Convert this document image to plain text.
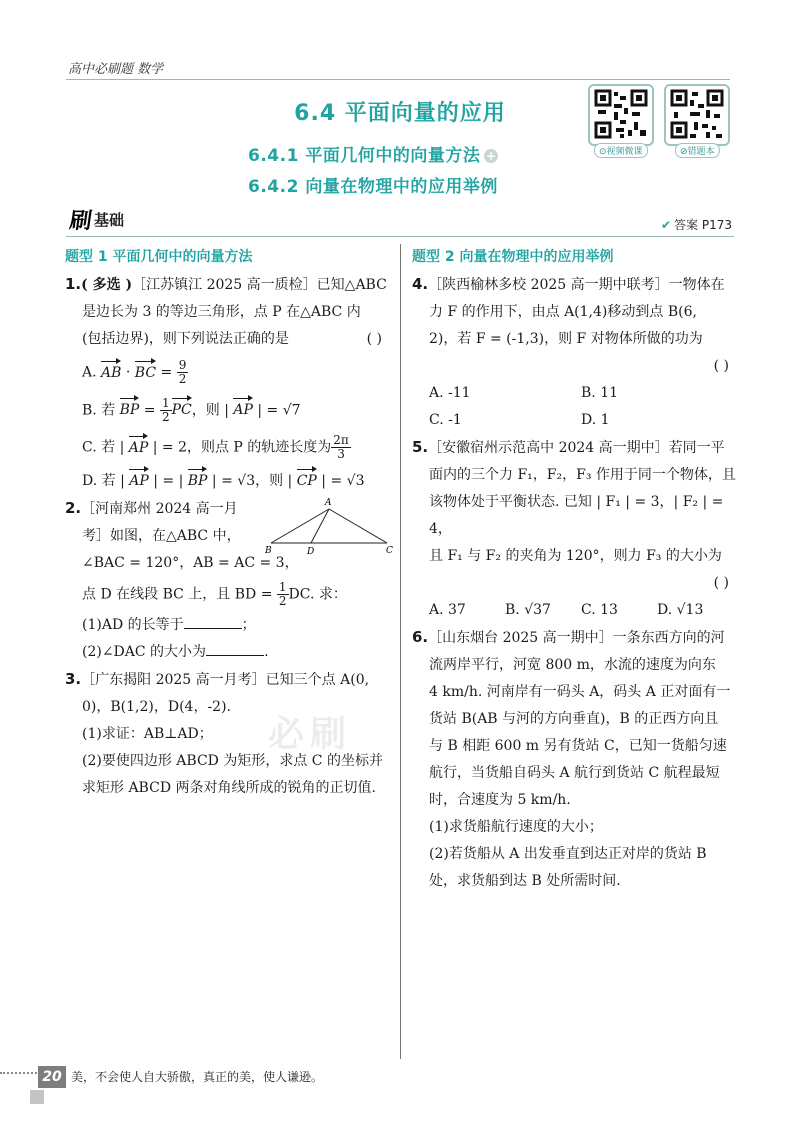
高中必刷题 数学
6.4 平面向量的应用
6.4.1 平面几何中的向量方法 +
6.4.2 向量在物理中的应用举例
⊙视频微课	⊘错题本
刷 基础	✔ 答案 P173
题型 1 平面几何中的向量方法
1.( 多选 )［江苏镇江 2025 高一质检］已知△ABC
是边长为 3 的等边三角形，点 P 在△ABC 内
(包括边界)，则下列说法正确的是	( )
A. AB · BC = $\frac{9}{2}$
B. 若 BP = $\frac{1}{2}$ PC，则 | AP | = √7
C. 若 | AP | = 2，则点 P 的轨迹长度为 $\frac{2\pi}{3}$
D. 若 | AP | = | BP | = √3，则 | CP | = √3
2.［河南郑州 2024 高一月
考］如图，在△ABC 中，
∠BAC = 120°，AB = AC = 3，
点 D 在线段 BC 上，且 BD = $\frac{1}{2}$ DC. 求：
(1)AD 的长等于	；
(2)∠DAC 的大小为	.
A
B	D	C
3.［广东揭阳 2025 高一月考］已知三个点 A(0,
0)，B(1,2)，D(4，-2).
(1)求证：AB⊥AD；
(2)要使四边形 ABCD 为矩形，求点 C 的坐标并
求矩形 ABCD 两条对角线所成的锐角的正切值.
必刷
题型 2 向量在物理中的应用举例
4.［陕西榆林多校 2025 高一期中联考］一物体在
力 F 的作用下，由点 A(1,4)移动到点 B(6,
2)，若 F = (-1,3)，则 F 对物体所做的功为
( )
A. -11	B. 11
C. -1	D. 1
5.［安徽宿州示范高中 2024 高一期中］若同一平
面内的三个力 F₁，F₂，F₃ 作用于同一个物体，且
该物体处于平衡状态. 已知 | F₁ | = 3，| F₂ | = 4，
且 F₁ 与 F₂ 的夹角为 120°，则力 F₃ 的大小为
( )
A. 37	B. √37	C. 13	D. √13
6.［山东烟台 2025 高一期中］一条东西方向的河
流两岸平行，河宽 800 m，水流的速度为向东
4 km/h. 河南岸有一码头 A，码头 A 正对面有一
货站 B(AB 与河的方向垂直)，B 的正西方向且
与 B 相距 600 m 另有货站 C，已知一货船匀速
航行，当货船自码头 A 航行到货站 C 航程最短
时，合速度为 5 km/h.
(1)求货船航行速度的大小；
(2)若货船从 A 出发垂直到达正对岸的货站 B
处，求货船到达 B 处所需时间.
20 美，不会使人自大骄傲，真正的美，使人谦逊。
